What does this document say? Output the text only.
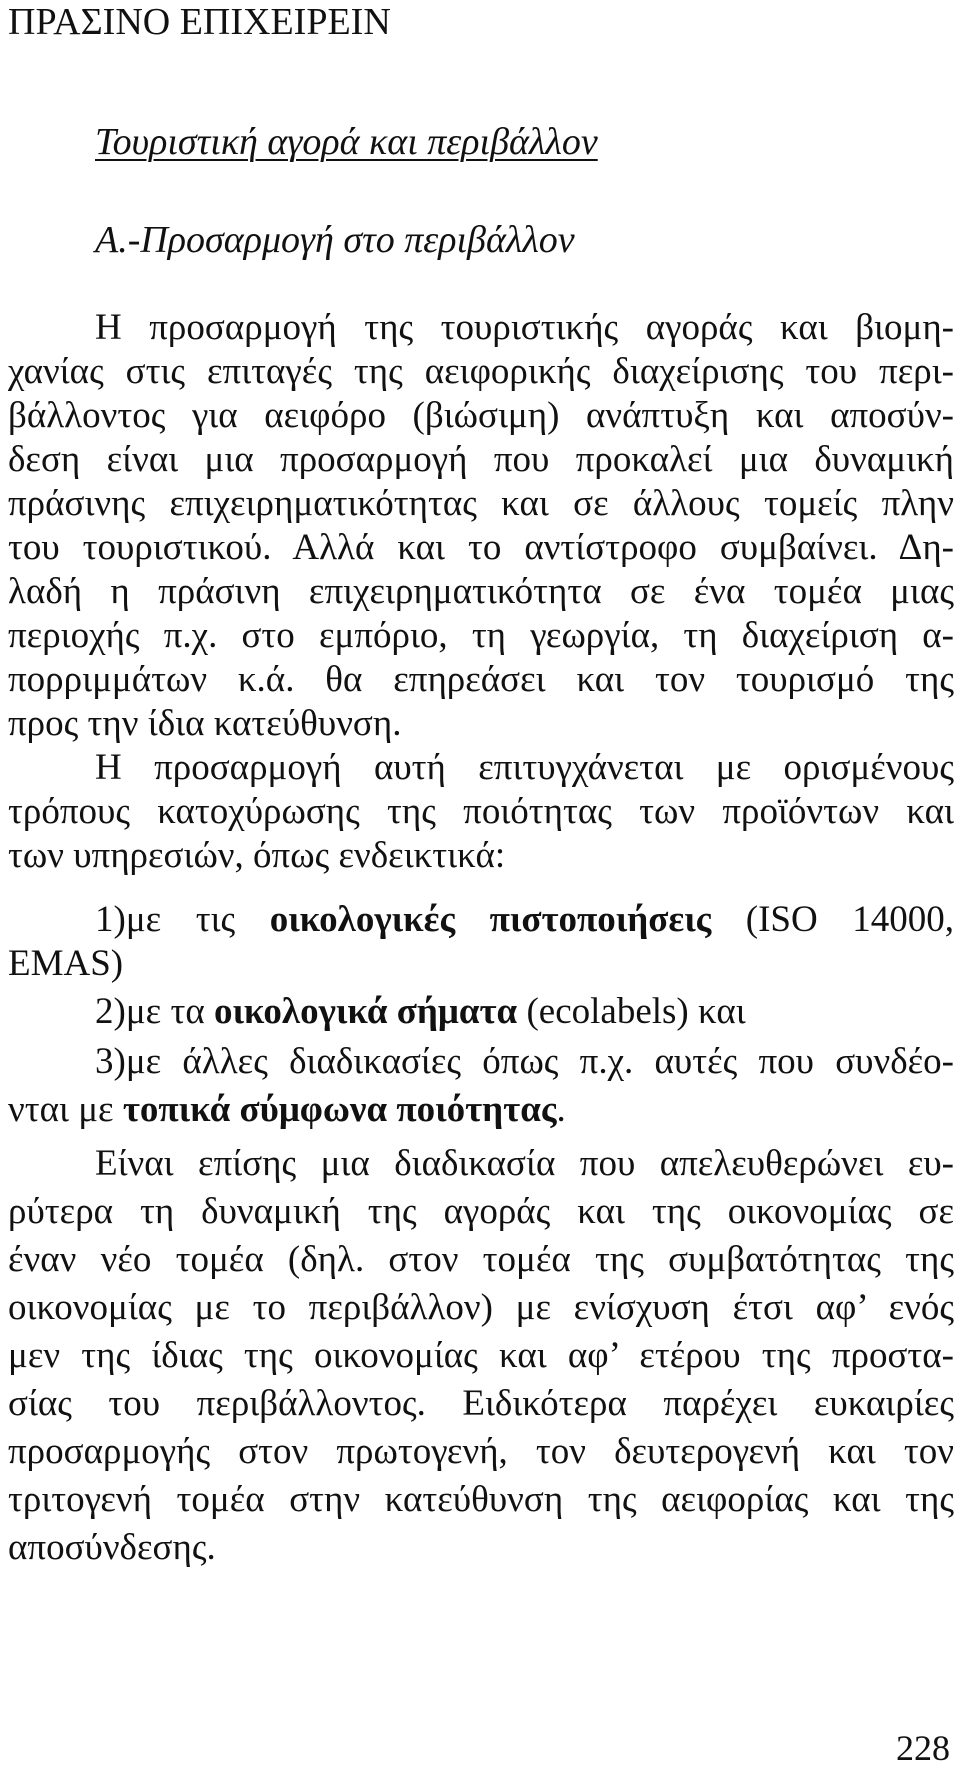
ΠΡΑΣΙΝΟ ΕΠΙΧΕΙΡΕΙΝ
Τουριστική αγορά και περιβάλλον
Α.-Προσαρμογή στο περιβάλλον
Η προσαρμογή της τουριστικής αγοράς και βιομη-
χανίας στις επιταγές της αειφορικής διαχείρισης του περι-
βάλλοντος για αειφόρο (βιώσιμη) ανάπτυξη και αποσύν-
δεση είναι μια προσαρμογή που προκαλεί μια δυναμική
πράσινης επιχειρηματικότητας και σε άλλους τομείς πλην
του τουριστικού. Αλλά και το αντίστροφο συμβαίνει. Δη-
λαδή η πράσινη επιχειρηματικότητα σε ένα τομέα μιας
περιοχής π.χ. στο εμπόριο, τη γεωργία, τη διαχείριση α-
πορριμμάτων κ.ά. θα επηρεάσει και τον τουρισμό της
προς την ίδια κατεύθυνση.
Η προσαρμογή αυτή επιτυγχάνεται με ορισμένους
τρόπους κατοχύρωσης της ποιότητας των προϊόντων και
των υπηρεσιών, όπως ενδεικτικά:
1)με τις οικολογικές πιστοποιήσεις (ISO 14000,
EMAS)
2)με τα οικολογικά σήματα (ecolabels) και
3)με άλλες διαδικασίες όπως π.χ. αυτές που συνδέο-
νται με τοπικά σύμφωνα ποιότητας.
Είναι επίσης μια διαδικασία που απελευθερώνει ευ-
ρύτερα τη δυναμική της αγοράς και της οικονομίας σε
έναν νέο τομέα (δηλ. στον τομέα της συμβατότητας της
οικονομίας με το περιβάλλον) με ενίσχυση έτσι αφ’ ενός
μεν της ίδιας της οικονομίας και αφ’ ετέρου της προστα-
σίας του περιβάλλοντος. Ειδικότερα παρέχει ευκαιρίες
προσαρμογής στον πρωτογενή, τον δευτερογενή και τον
τριτογενή τομέα στην κατεύθυνση της αειφορίας και της
αποσύνδεσης.
228
